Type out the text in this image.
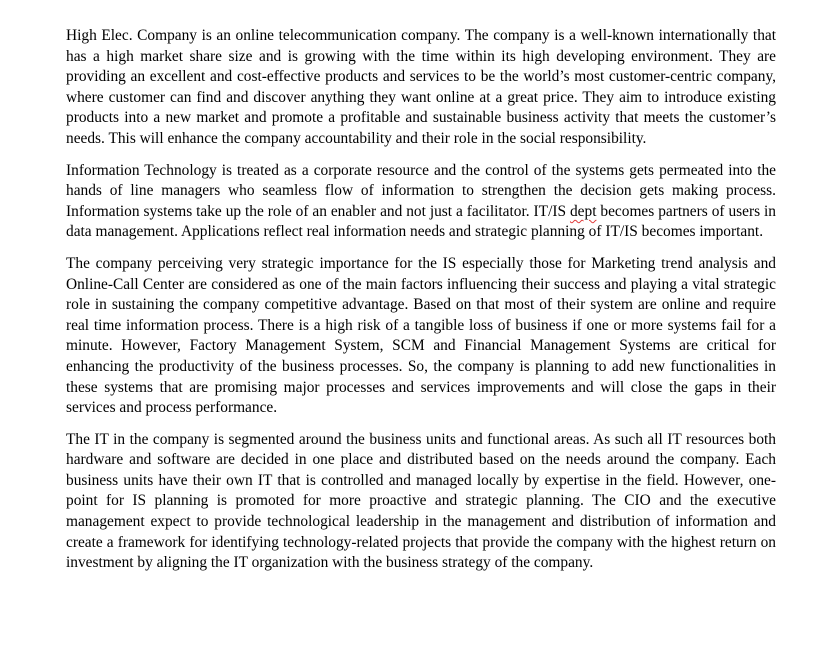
High Elec. Company is an online telecommunication company. The company is a well-known internationally that has a high market share size and is growing with the time within its high developing environment. They are providing an excellent and cost-effective products and services to be the world’s most customer-centric company, where customer can find and discover anything they want online at a great price. They aim to introduce existing products into a new market and promote a profitable and sustainable business activity that meets the customer’s needs. This will enhance the company accountability and their role in the social responsibility.

Information Technology is treated as a corporate resource and the control of the systems gets permeated into the hands of line managers who seamless flow of information to strengthen the decision gets making process. Information systems take up the role of an enabler and not just a facilitator. IT/IS dept becomes partners of users in data management. Applications reflect real information needs and strategic planning of IT/IS becomes important.

The company perceiving very strategic importance for the IS especially those for Marketing trend analysis and Online-Call Center are considered as one of the main factors influencing their success and playing a vital strategic role in sustaining the company competitive advantage. Based on that most of their system are online and require real time information process. There is a high risk of a tangible loss of business if one or more systems fail for a minute. However, Factory Management System, SCM and Financial Management Systems are critical for enhancing the productivity of the business processes. So, the company is planning to add new functionalities in these systems that are promising major processes and services improvements and will close the gaps in their services and process performance.

The IT in the company is segmented around the business units and functional areas. As such all IT resources both hardware and software are decided in one place and distributed based on the needs around the company. Each business units have their own IT that is controlled and managed locally by expertise in the field. However, one-point for IS planning is promoted for more proactive and strategic planning. The CIO and the executive management expect to provide technological leadership in the management and distribution of information and create a framework for identifying technology-related projects that provide the company with the highest return on investment by aligning the IT organization with the business strategy of the company.
